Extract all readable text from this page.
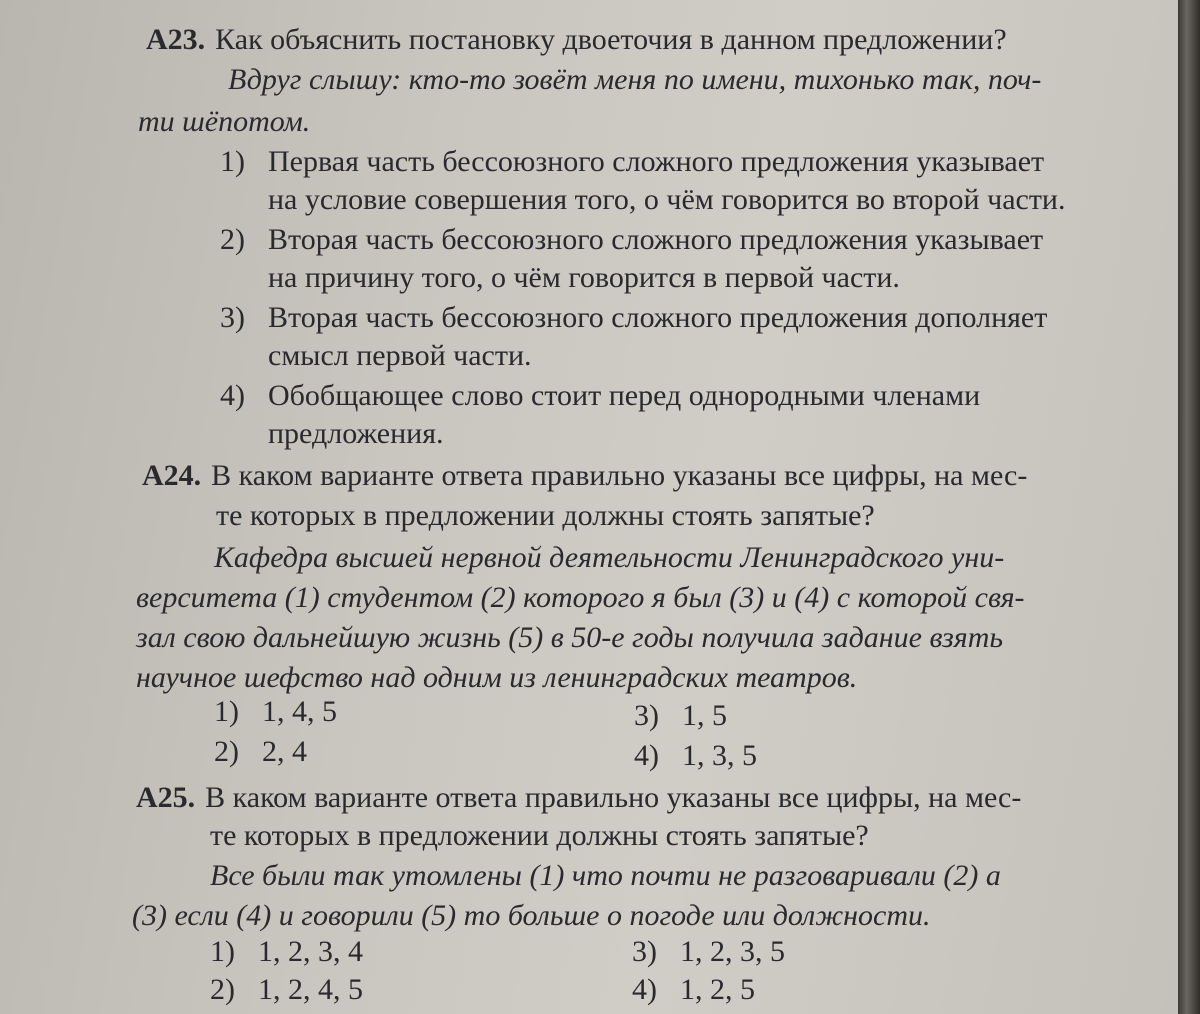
А23. Как объяснить постановку двоеточия в данном предложении?
Вдруг слышу: кто-то зовёт меня по имени, тихонько так, поч-
ти шёпотом.
1) Первая часть бессоюзного сложного предложения указывает
на условие совершения того, о чём говорится во второй части.
2) Вторая часть бессоюзного сложного предложения указывает
на причину того, о чём говорится в первой части.
3) Вторая часть бессоюзного сложного предложения дополняет
смысл первой части.
4) Обобщающее слово стоит перед однородными членами
предложения.
А24. В каком варианте ответа правильно указаны все цифры, на мес-
те которых в предложении должны стоять запятые?
Кафедра высшей нервной деятельности Ленинградского уни-
верситета (1) студентом (2) которого я был (3) и (4) с которой свя-
зал свою дальнейшую жизнь (5) в 50-е годы получила задание взять
научное шефство над одним из ленинградских театров.
1) 1, 4, 5
2) 2, 4
3) 1, 5
4) 1, 3, 5
А25. В каком варианте ответа правильно указаны все цифры, на мес-
те которых в предложении должны стоять запятые?
Все были так утомлены (1) что почти не разговаривали (2) а
(3) если (4) и говорили (5) то больше о погоде или должности.
1) 1, 2, 3, 4
2) 1, 2, 4, 5
3) 1, 2, 3, 5
4) 1, 2, 5
